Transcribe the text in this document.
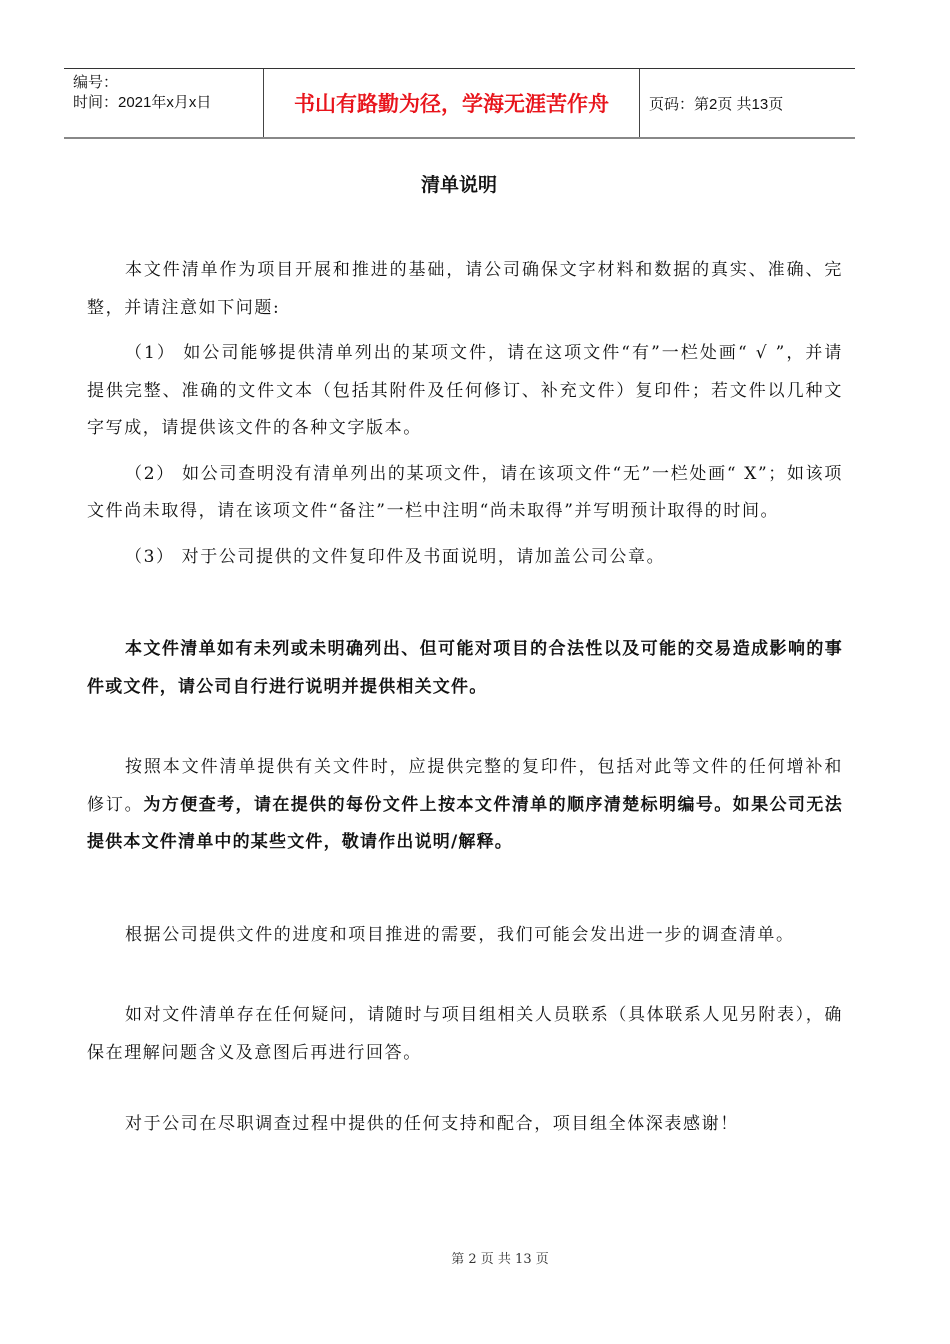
编号：
时间：2021年x月x日	书山有路勤为径，学海无涯苦作舟	页码：第2页 共13页
清单说明

本文件清单作为项目开展和推进的基础，请公司确保文字材料和数据的真实、准确、完整，并请注意如下问题:

（1） 如公司能够提供清单列出的某项文件，请在这项文件“有”一栏处画“ √ ”，并请提供完整、准确的文件文本（包括其附件及任何修订、补充文件）复印件；若文件以几种文字写成，请提供该文件的各种文字版本。

（2） 如公司查明没有清单列出的某项文件，请在该项文件“无”一栏处画“ X”；如该项文件尚未取得，请在该项文件“备注”一栏中注明“尚未取得”并写明预计取得的时间。

（3） 对于公司提供的文件复印件及书面说明，请加盖公司公章。

本文件清单如有未列或未明确列出、但可能对项目的合法性以及可能的交易造成影响的事件或文件，请公司自行进行说明并提供相关文件。

按照本文件清单提供有关文件时，应提供完整的复印件，包括对此等文件的任何增补和修订。为方便查考，请在提供的每份文件上按本文件清单的顺序清楚标明编号。如果公司无法提供本文件清单中的某些文件，敬请作出说明/解释。

根据公司提供文件的进度和项目推进的需要，我们可能会发出进一步的调查清单。

如对文件清单存在任何疑问，请随时与项目组相关人员联系（具体联系人见另附表），确保在理解问题含义及意图后再进行回答。

对于公司在尽职调查过程中提供的任何支持和配合，项目组全体深表感谢！

第 2 页 共 13 页
